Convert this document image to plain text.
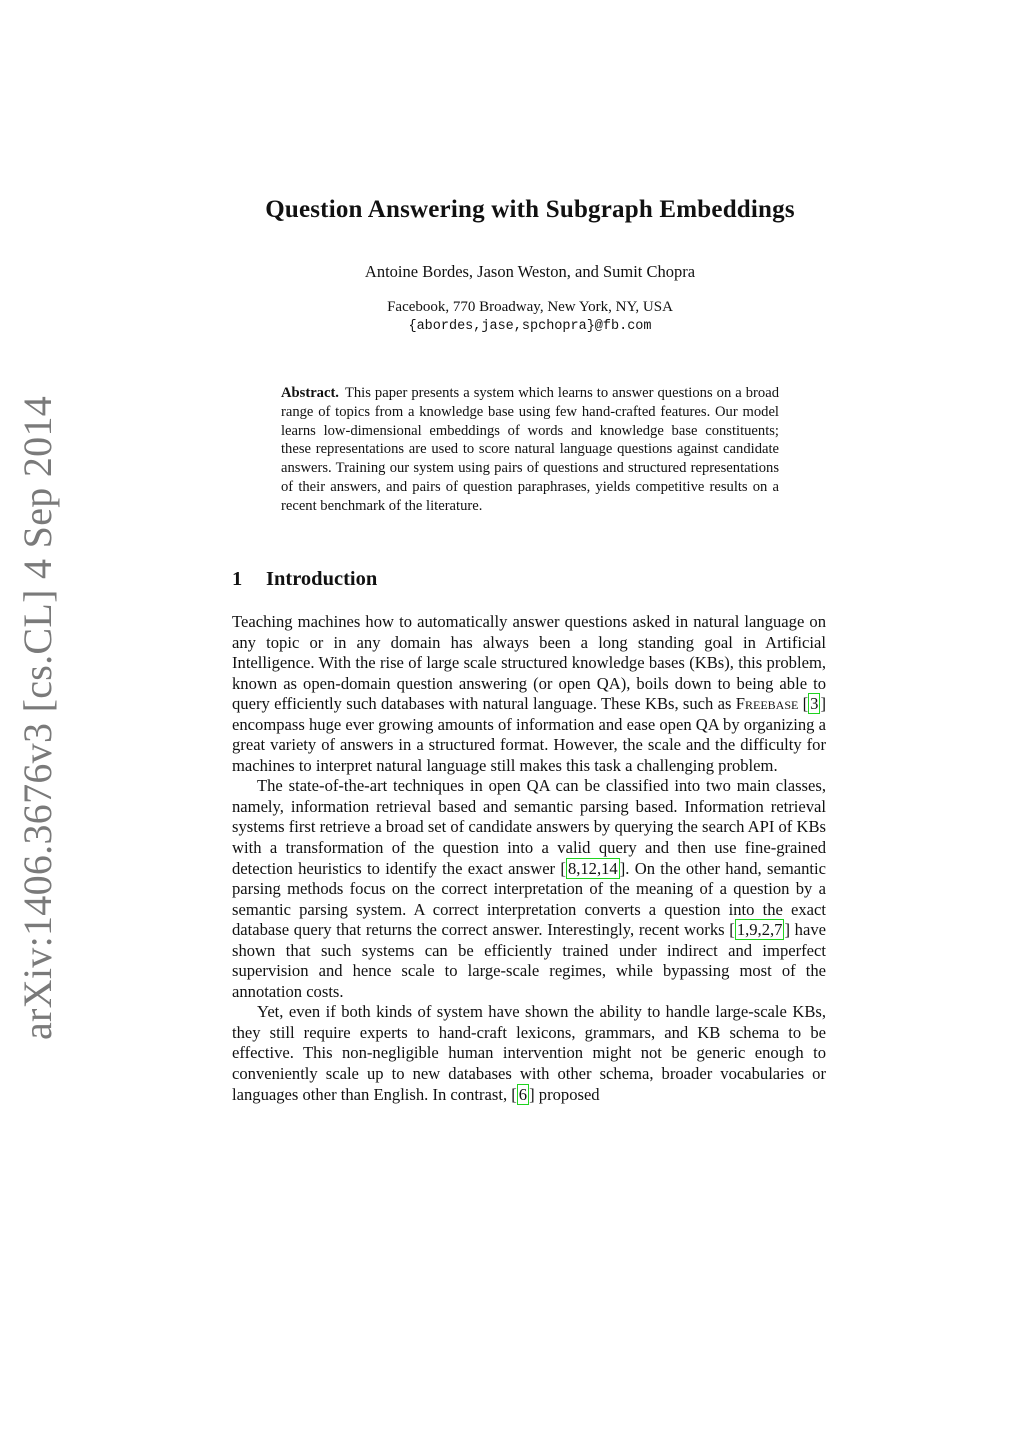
arXiv:1406.3676v3 [cs.CL] 4 Sep 2014
Question Answering with Subgraph Embeddings
Antoine Bordes, Jason Weston, and Sumit Chopra
Facebook, 770 Broadway, New York, NY, USA
{abordes,jase,spchopra}@fb.com
Abstract. This paper presents a system which learns to answer questions on a broad range of topics from a knowledge base using few hand-crafted features. Our model learns low-dimensional embeddings of words and knowledge base constituents; these representations are used to score natural language questions against candidate answers. Training our system using pairs of questions and structured representations of their answers, and pairs of question paraphrases, yields competitive results on a recent benchmark of the literature.
1 Introduction

Teaching machines how to automatically answer questions asked in natural language on any topic or in any domain has always been a long standing goal in Artificial Intelligence. With the rise of large scale structured knowledge bases (KBs), this problem, known as open-domain question answering (or open QA), boils down to being able to query efficiently such databases with natural language. These KBs, such as Freebase [ 3 ] encompass huge ever growing amounts of information and ease open QA by organizing a great variety of answers in a structured format. However, the scale and the difficulty for machines to interpret natural language still makes this task a challenging problem.

The state-of-the-art techniques in open QA can be classified into two main classes, namely, information retrieval based and semantic parsing based. Information retrieval systems first retrieve a broad set of candidate answers by querying the search API of KBs with a transformation of the question into a valid query and then use fine-grained detection heuristics to identify the exact answer [ 8,12,14 ]. On the other hand, semantic parsing methods focus on the correct interpretation of the meaning of a question by a semantic parsing system. A correct interpretation converts a question into the exact database query that returns the correct answer. Interestingly, recent works [ 1,9,2,7 ] have shown that such systems can be efficiently trained under indirect and imperfect supervision and hence scale to large-scale regimes, while bypassing most of the annotation costs.

Yet, even if both kinds of system have shown the ability to handle large-scale KBs, they still require experts to hand-craft lexicons, grammars, and KB schema to be effective. This non-negligible human intervention might not be generic enough to conveniently scale up to new databases with other schema, broader vocabularies or languages other than English. In contrast, [ 6 ] proposed
